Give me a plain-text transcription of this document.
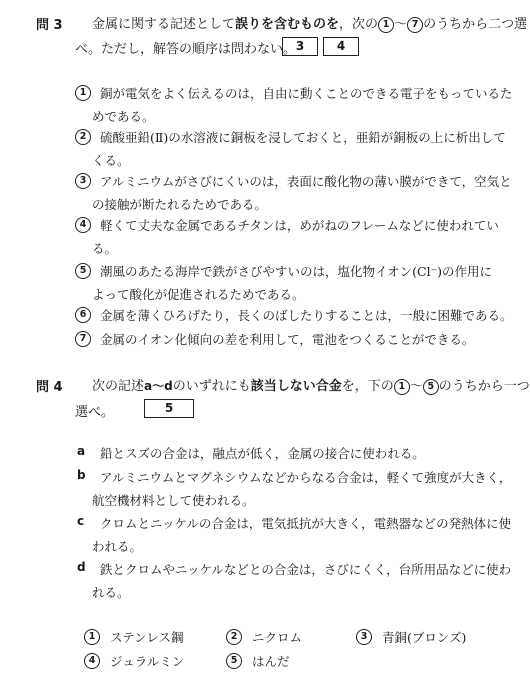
問 3 金属に関する記述として誤りを含むものを，次の 1 ～ 7 のうちから二つ選
べ。ただし，解答の順序は問わない。 3	4
1	銅が電気をよく伝えるのは，自由に動くことのできる電子をもっているた
めである。
2	硫酸亜鉛(Ⅱ)の水溶液に銅板を浸しておくと，亜鉛が銅板の上に析出して
くる。
3	アルミニウムがさびにくいのは，表面に酸化物の薄い膜ができて，空気と
の接触が断たれるためである。
4	軽くて丈夫な金属であるチタンは，めがねのフレームなどに使われてい
る。
5	潮風のあたる海岸で鉄がさびやすいのは，塩化物イオン(Cl⁻)の作用に
よって酸化が促進されるためである。
6	金属を薄くひろげたり，長くのばしたりすることは，一般に困難である。
7	金属のイオン化傾向の差を利用して，電池をつくることができる。
問 4 次の記述a～dのいずれにも該当しない合金を，下の 1 ～ 5 のうちから一つ
選べ。	5
a 鉛とスズの合金は，融点が低く，金属の接合に使われる。
b アルミニウムとマグネシウムなどからなる合金は，軽くて強度が大きく，
航空機材料として使われる。
c クロムとニッケルの合金は，電気抵抗が大きく，電熱器などの発熱体に使
われる。
d 鉄とクロムやニッケルなどとの合金は，さびにくく，台所用品などに使わ
れる。
1	ステンレス鋼	2	ニクロム	3	青銅(ブロンズ)
4	ジュラルミン	5	はんだ
